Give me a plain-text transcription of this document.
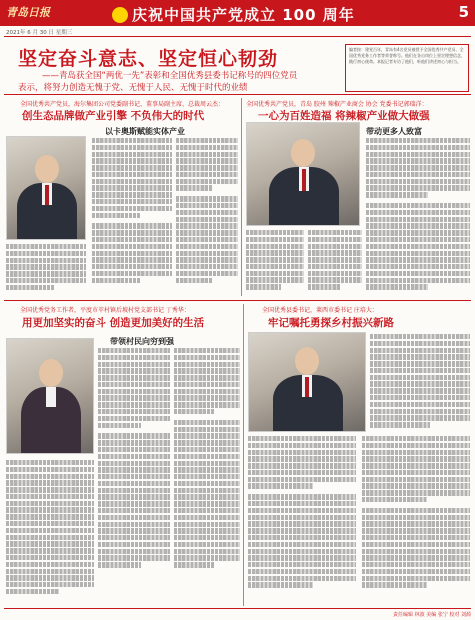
青岛日报	庆祝中国共产党成立 100 周年	5
2021年 6 月 30 日 星期三
坚定奋斗意志、坚定恒心韧劲
——青岛获全国“两优一先”表彰和全国优秀县委书记称号的四位党员
表示，将努力创造无愧于党、无愧于人民、无愧于时代的业绩
编者按：建党百年，青岛有4名党员被授予全国优秀共产党员、全国优秀党务工作者等荣誉称号。他们在各自岗位上坚定理想信念，践行初心使命。本报记者专访了他们，听他们讲述初心与担当。
全国优秀共产党员，海尔集团公司党委副书记、董事局副主席、总裁周云杰：
创生态品牌做产业引擎 不负伟大的时代
以卡奥斯赋能实体产业
全国优秀共产党员，青岛 胶州 辣椒产业商会 协会 党委书记郭瑞洋：
一心为百姓造福 将辣椒产业做大做强
带动更多人致富
全国优秀党务工作者，平度市苹村镇后坡村党支部书记 丁秀华：
用更加坚实的奋斗 创造更加美好的生活
带领村民向穷到强
全国优秀县委书记，莱西市委书记 庄培大：
牢记嘱托勇探乡村振兴新路
责任编辑 林波 美编 张宁 校对 刘源
